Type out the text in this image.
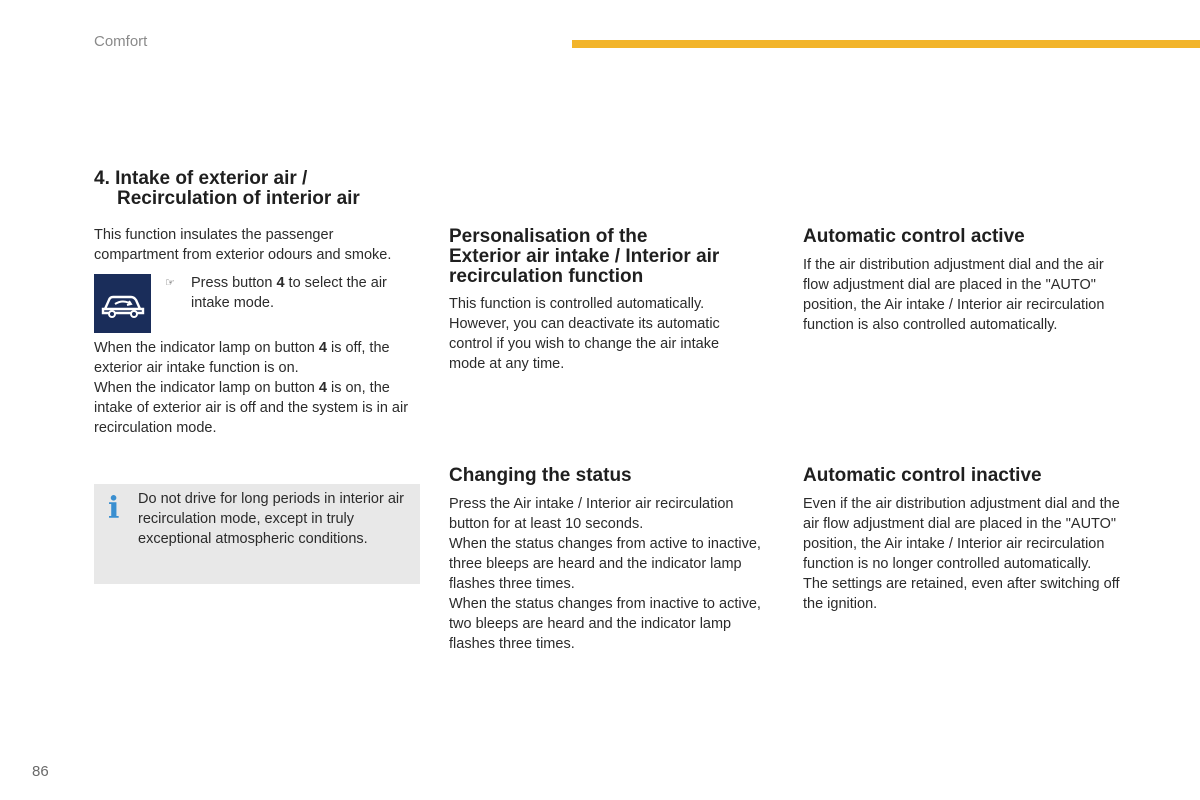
Comfort
4. Intake of exterior air /
Recirculation of interior air

This function insulates the passenger compartment from exterior odours and smoke.

☞	Press button 4 to select the air intake mode.

When the indicator lamp on button 4 is off, the exterior air intake function is on.

When the indicator lamp on button 4 is on, the intake of exterior air is off and the system is in air recirculation mode.

i Do not drive for long periods in interior air recirculation mode, except in truly exceptional atmospheric conditions.
Personalisation of the
Exterior air intake / Interior air
recirculation function

This function is controlled automatically. However, you can deactivate its automatic control if you wish to change the air intake mode at any time.

Changing the status

Press the Air intake / Interior air recirculation button for at least 10 seconds.

When the status changes from active to inactive, three bleeps are heard and the indicator lamp flashes three times.

When the status changes from inactive to active, two bleeps are heard and the indicator lamp flashes three times.

Automatic control active

If the air distribution adjustment dial and the air flow adjustment dial are placed in the "AUTO" position, the Air intake / Interior air recirculation function is also controlled automatically.

Automatic control inactive

Even if the air distribution adjustment dial and the air flow adjustment dial are placed in the "AUTO" position, the Air intake / Interior air recirculation function is no longer controlled automatically.

The settings are retained, even after switching off the ignition.

86
